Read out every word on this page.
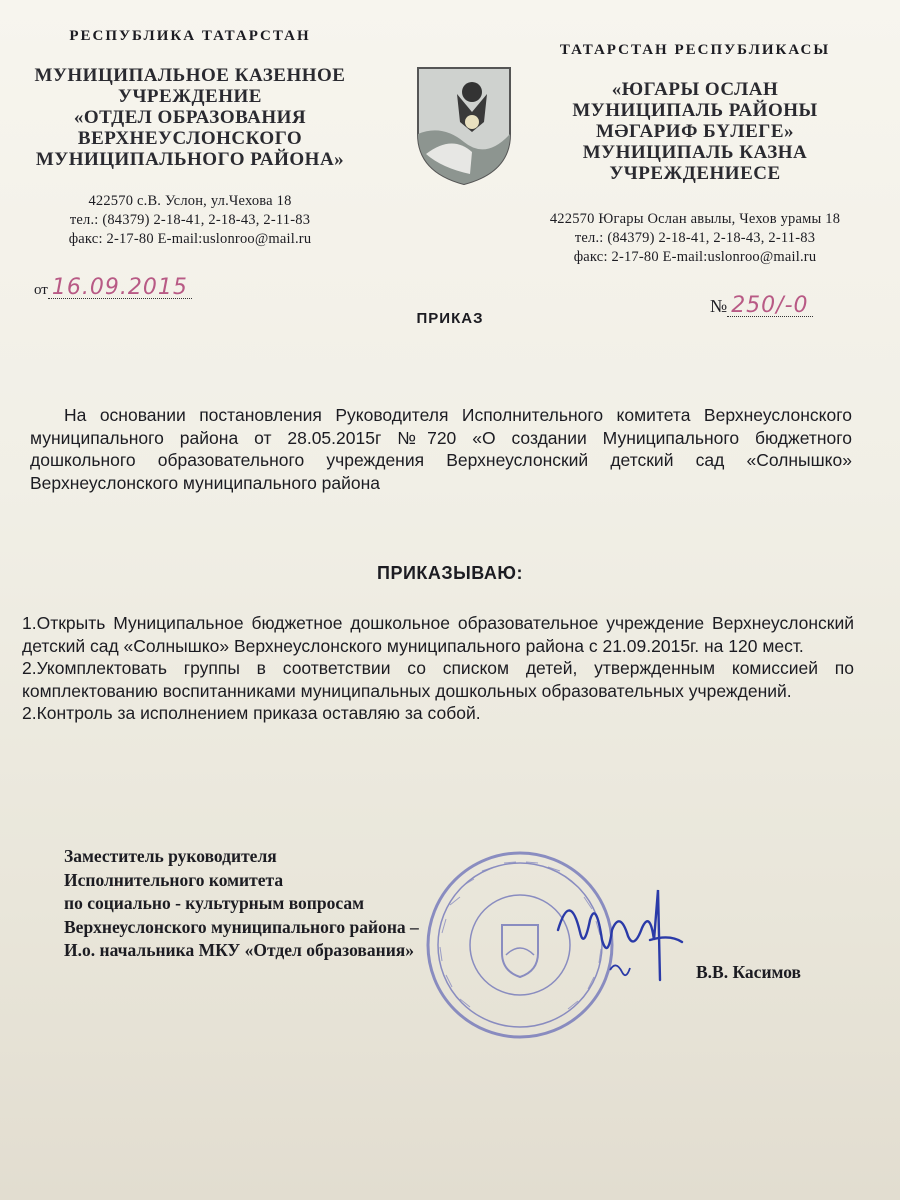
РЕСПУБЛИКА ТАТАРСТАН
МУНИЦИПАЛЬНОЕ КАЗЕННОЕ
УЧРЕЖДЕНИЕ
«ОТДЕЛ ОБРАЗОВАНИЯ
ВЕРХНЕУСЛОНСКОГО
МУНИЦИПАЛЬНОГО РАЙОНА»
422570 с.В. Услон, ул.Чехова 18
тел.: (84379) 2-18-41, 2-18-43, 2-11-83
факс: 2-17-80 E-mail:uslonroo@mail.ru
ТАТАРСТАН РЕСПУБЛИКАСЫ
«ЮГАРЫ ОСЛАН
МУНИЦИПАЛЬ РАЙОНЫ
МӘГАРИФ БҮЛЕГЕ»
МУНИЦИПАЛЬ КАЗНА
УЧРЕЖДЕНИЕСЕ
422570 Югары Ослан авылы, Чехов урамы 18
тел.: (84379) 2-18-41, 2-18-43, 2-11-83
факс: 2-17-80 E-mail:uslonroo@mail.ru
от 16.09.2015
№ 250/-0
ПРИКАЗ
На основании постановления Руководителя Исполнительного комитета Верхнеуслонского муниципального района от 28.05.2015г №720 «О создании Муниципального бюджетного дошкольного образовательного учреждения Верхнеуслонский детский сад «Солнышко» Верхнеуслонского муниципального района
ПРИКАЗЫВАЮ:

1.Открыть Муниципальное бюджетное дошкольное образовательное учреждение Верхнеуслонский детский сад «Солнышко» Верхнеуслонского муниципального района с 21.09.2015г. на 120 мест.

2.Укомплектовать группы в соответствии со списком детей, утвержденным комиссией по комплектованию воспитанниками муниципальных дошкольных образовательных учреждений.

2.Контроль за исполнением приказа оставляю за собой.

Заместитель руководителя
Исполнительного комитета
по социально - культурным вопросам
Верхнеуслонского муниципального района –
И.о. начальника МКУ «Отдел образования»
В.В. Касимов
